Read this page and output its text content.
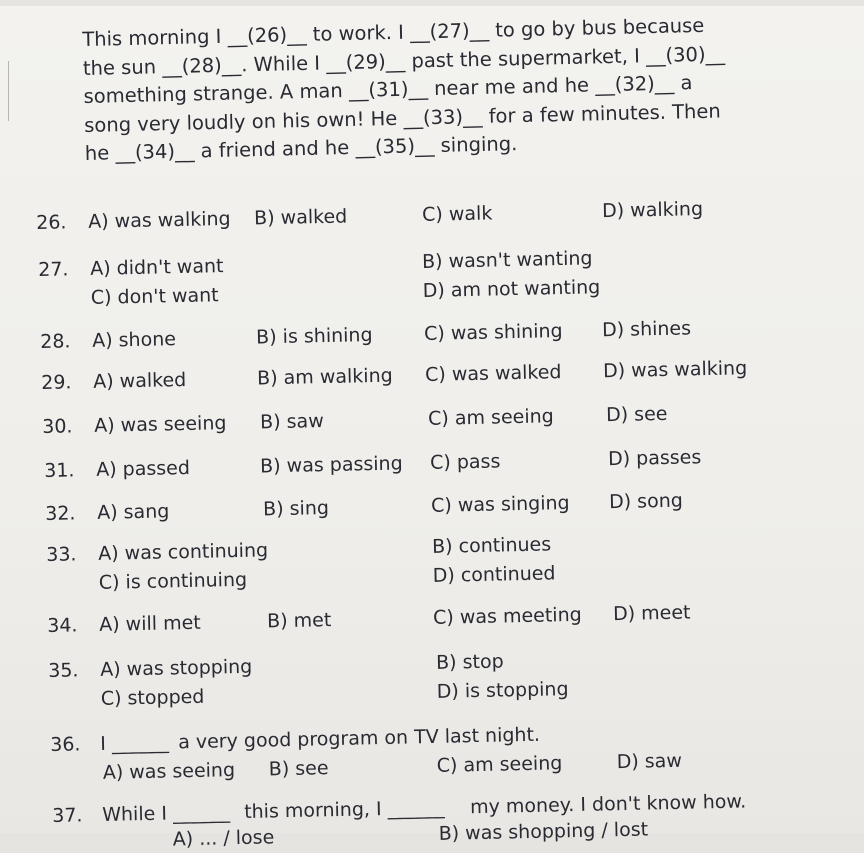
This morning I __(26)__ to work. I __(27)__ to go by bus because

the sun __(28)__. While I __(29)__ past the supermarket, I __(30)__

something strange. A man __(31)__ near me and he __(32)__ a

song very loudly on his own! He __(33)__ for a few minutes. Then

he __(34)__ a friend and he __(35)__ singing.

26. A) was walking B) walked	C) walk	D) walking
27. A) didn't want	B) wasn't wanting
C) don't want	D) am not wanting
28. A) shone	B) is shining	C) was shining D) shines
29. A) walked	B) am walking C) was walked D) was walking
30. A) was seeing B) saw	C) am seeing	D) see
31. A) passed	B) was passing C) pass	D) passes
32. A) sang	B) sing	C) was singing D) song
33. A) was continuing	B) continues
C) is continuing	D) continued
34. A) will met	B) met	C) was meeting D) meet
35. A) was stopping	B) stop
C) stopped	D) is stopping
36. I ______ a very good program on TV last night.
A) was seeing B) see	C) am seeing	D) saw
37. While I ______ this morning, I ______ my money. I don't know how.
A) ... / lose	B) was shopping / lost
